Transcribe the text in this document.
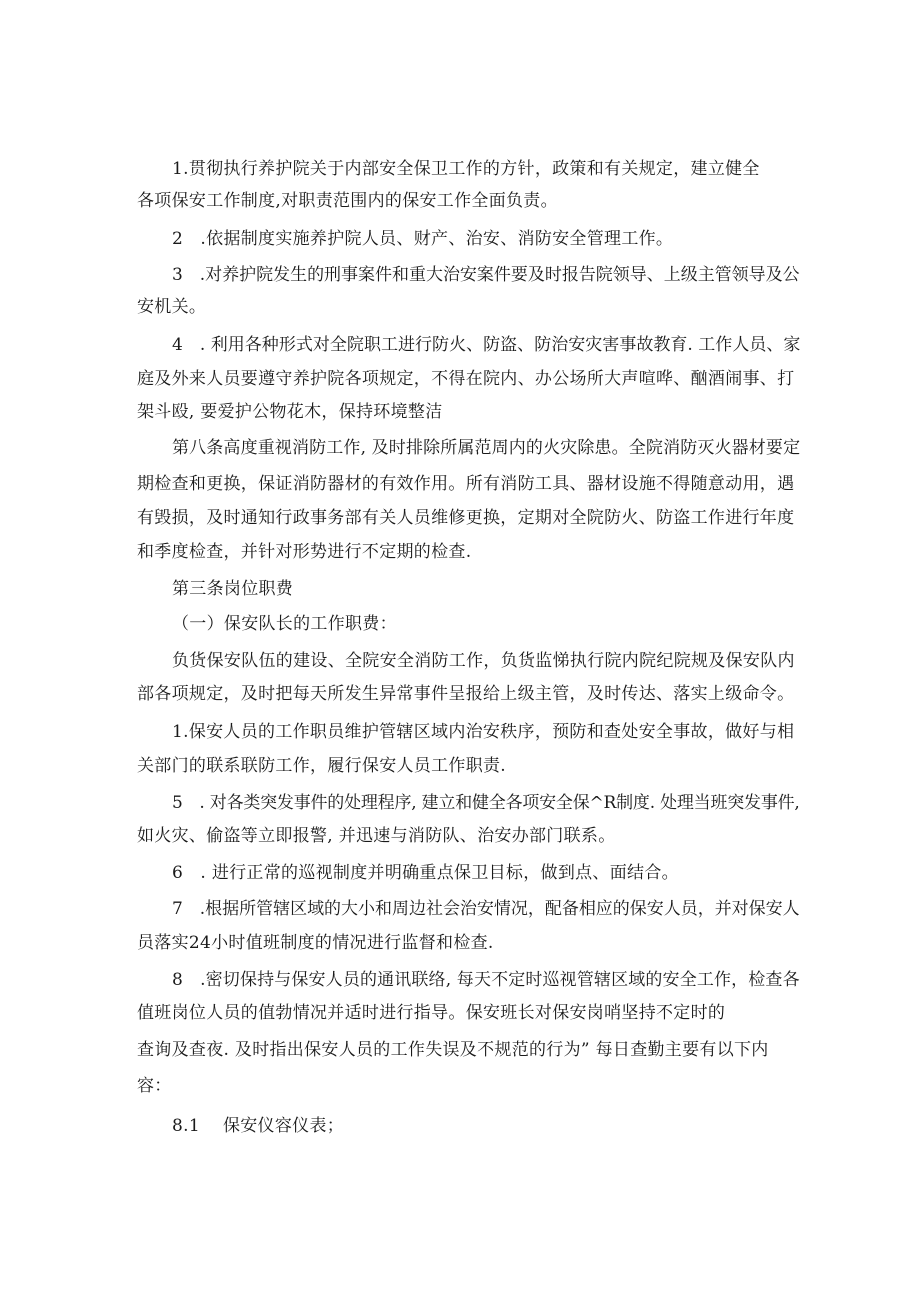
1.贯彻执行养护院关于内部安全保卫工作的方针，政策和有关规定，建立健全
各项保安工作制度,对职责范围内的保安工作全面负责。
2　.依据制度实施养护院人员、财产、治安、消防安全管理工作。
3　.对养护院发生的刑事案件和重大治安案件要及时报告院领导、上级主管领导及公
安机关。
4　. 利用各种形式对全院职工进行防火、防盗、防治安灾害事故教育. 工作人员、家
庭及外来人员要遵守养护院各项规定，不得在院内、办公场所大声喧哗、酗酒闹事、打
架斗殴, 要爱护公物花木，保持环境整洁
第八条高度重视消防工作, 及时排除所属范周内的火灾除患。全院消防灭火器材要定
期检查和更换，保证消防器材的有效作用。所有消防工具、器材设施不得随意动用，遇
有毁损，及时通知行政事务部有关人员维修更换，定期对全院防火、防盗工作进行年度
和季度检查，并针对形势进行不定期的检查.
第三条岗位职费
（一）保安队长的工作职费：
负货保安队伍的建设、全院安全消防工作，负货监悌执行院内院纪院规及保安队内
部各项规定，及时把每天所发生异常事件呈报给上级主管，及时传达、落实上级命令。
1.保安人员的工作职员维护管辖区域内治安秩序，预防和查处安全事故，做好与相
关部门的联系联防工作，履行保安人员工作职责.
5　. 对各类突发事件的处理程序, 建立和健全各项安全保^R制度. 处理当班突发事件,
如火灾、偷盗等立即报警, 并迅速与消防队、治安办部门联系。
6　. 进行正常的巡视制度并明确重点保卫目标，做到点、面结合。
7　.根据所管辖区域的大小和周边社会治安情况，配备相应的保安人员，并对保安人
员落实24小时值班制度的情况进行监督和检查.
8　.密切保持与保安人员的通讯联络, 每天不定时巡视管辖区域的安全工作，检查各
值班岗位人员的值勃情况并适时进行指导。保安班长对保安岗哨坚持不定时的
查询及查夜. 及时指出保安人员的工作失误及不规范的行为” 每日查勤主要有以下内
容：
8.1　 保安仪容仪表；
